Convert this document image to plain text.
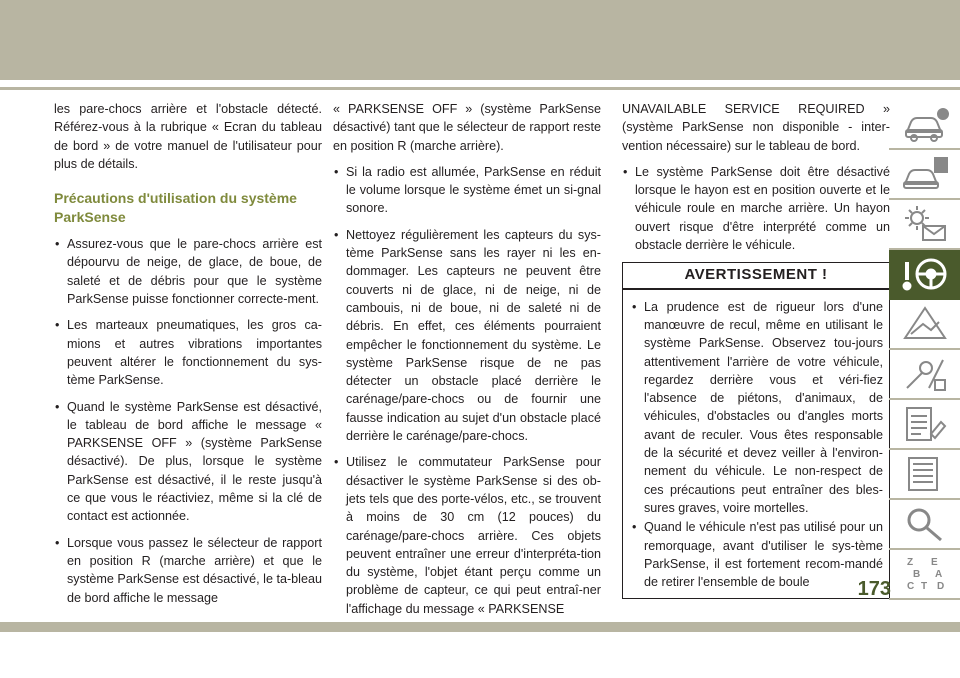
les pare-chocs arrière et l'obstacle détecté. Référez-vous à la rubrique « Ecran du tableau de bord » de votre manuel de l'utilisateur pour plus de détails.

Précautions d'utilisation du système ParkSense
• Assurez-vous que le pare-chocs arrière est dépourvu de neige, de glace, de boue, de saleté et de débris pour que le système ParkSense puisse fonctionner correcte-ment.
• Les marteaux pneumatiques, les gros ca-mions et autres vibrations importantes peuvent altérer le fonctionnement du sys-tème ParkSense.
• Quand le système ParkSense est désactivé, le tableau de bord affiche le message « PARKSENSE OFF » (système ParkSense désactivé). De plus, lorsque le système ParkSense est désactivé, il le reste jusqu'à ce que vous le réactiviez, même si la clé de contact est actionnée.
• Lorsque vous passez le sélecteur de rapport en position R (marche arrière) et que le système ParkSense est désactivé, le ta-bleau de bord affiche le message

« PARKSENSE OFF » (système ParkSense désactivé) tant que le sélecteur de rapport reste en position R (marche arrière).

• Si la radio est allumée, ParkSense en réduit le volume lorsque le système émet un si-gnal sonore.
• Nettoyez régulièrement les capteurs du sys-tème ParkSense sans les rayer ni les en-dommager. Les capteurs ne peuvent être couverts ni de glace, ni de neige, ni de cambouis, ni de boue, ni de saleté ni de débris. En effet, ces éléments pourraient empêcher le fonctionnement du système. Le système ParkSense risque de ne pas détecter un obstacle placé derrière le carénage/pare-chocs ou de fournir une fausse indication au sujet d'un obstacle placé derrière le carénage/pare-chocs.
• Utilisez le commutateur ParkSense pour désactiver le système ParkSense si des ob-jets tels que des porte-vélos, etc., se trouvent à moins de 30 cm (12 pouces) du carénage/pare-chocs arrière. Ces objets peuvent entraîner une erreur d'interpréta-tion du système, l'objet étant perçu comme un problème de capteur, ce qui peut entraî-ner l'affichage du message « PARKSENSE

UNAVAILABLE SERVICE REQUIRED » (système ParkSense non disponible - inter-vention nécessaire) sur le tableau de bord.

• Le système ParkSense doit être désactivé lorsque le hayon est en position ouverte et le véhicule roule en marche arrière. Un hayon ouvert risque d'être interprété comme un obstacle derrière le véhicule.
AVERTISSEMENT !
• La prudence est de rigueur lors d'une manœuvre de recul, même en utilisant le système ParkSense. Observez tou-jours attentivement l'arrière de votre véhicule, regardez derrière vous et véri-fiez l'absence de piétons, d'animaux, de véhicules, d'obstacles ou d'angles morts avant de reculer. Vous êtes responsable de la sécurité et devez veiller à l'environ-nement du véhicule. Le non-respect de ces précautions peut entraîner des bles-sures graves, voire mortelles.
• Quand le véhicule n'est pas utilisé pour un remorquage, avant d'utiliser le sys-tème ParkSense, il est fortement recom-mandé de retirer l'ensemble de boule
Z E
B A
C T D
173
